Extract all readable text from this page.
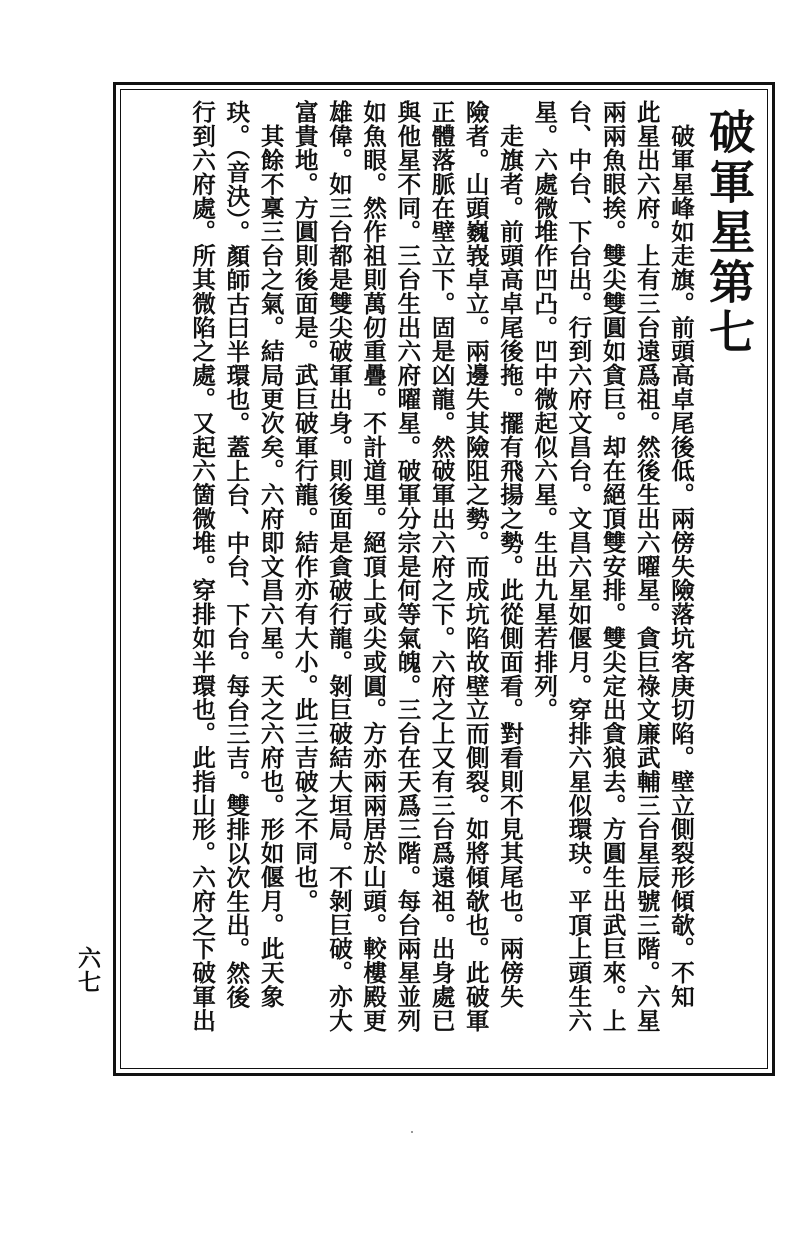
破軍星第七
　破軍星峰如走旗。前頭高卓尾後低。兩傍失險落坑客庚切陷。壁立側裂形傾欹。不知
此星出六府。上有三台遠爲祖。然後生出六曜星。貪巨祿文廉武輔三台星辰號三階。六星
兩兩魚眼挨。雙尖雙圓如貪巨。却在絕頂雙安排。雙尖定出貪狼去。方圓生出武巨來。上
台、中台、下台出。行到六府文昌台。文昌六星如偃月。穿排六星似環玦。平頂上頭生六
星。六處微堆作凹凸。凹中微起似六星。生出九星若排列。
　走旗者。前頭高卓尾後拖。擺有飛揚之勢。此從側面看。對看則不見其尾也。兩傍失
險者。山頭巍峩卓立。兩邊失其險阻之勢。而成坑陷故壁立而側裂。如將傾欹也。此破軍
正體落脈在壁立下。固是凶龍。然破軍出六府之下。六府之上又有三台爲遠祖。出身處已
與他星不同。三台生出六府曜星。破軍分宗是何等氣魄。三台在天爲三階。每台兩星並列
如魚眼。然作祖則萬仞重疊。不計道里。絕頂上或尖或圓。方亦兩兩居於山頭。較樓殿更
雄偉。如三台都是雙尖破軍出身。則後面是貪破行龍。剝巨破結大垣局。不剝巨破。亦大
富貴地。方圓則後面是。武巨破軍行龍。結作亦有大小。此三吉破之不同也。
　其餘不稟三台之氣。結局更次矣。六府即文昌六星。天之六府也。形如偃月。此天象
玦。（音決）。顏師古曰半環也。蓋上台、中台、下台。每台三吉。雙排以次生出。然後
行到六府處。所其微陷之處。又起六箇微堆。穿排如半環也。此指山形。六府之下破軍出
六七
